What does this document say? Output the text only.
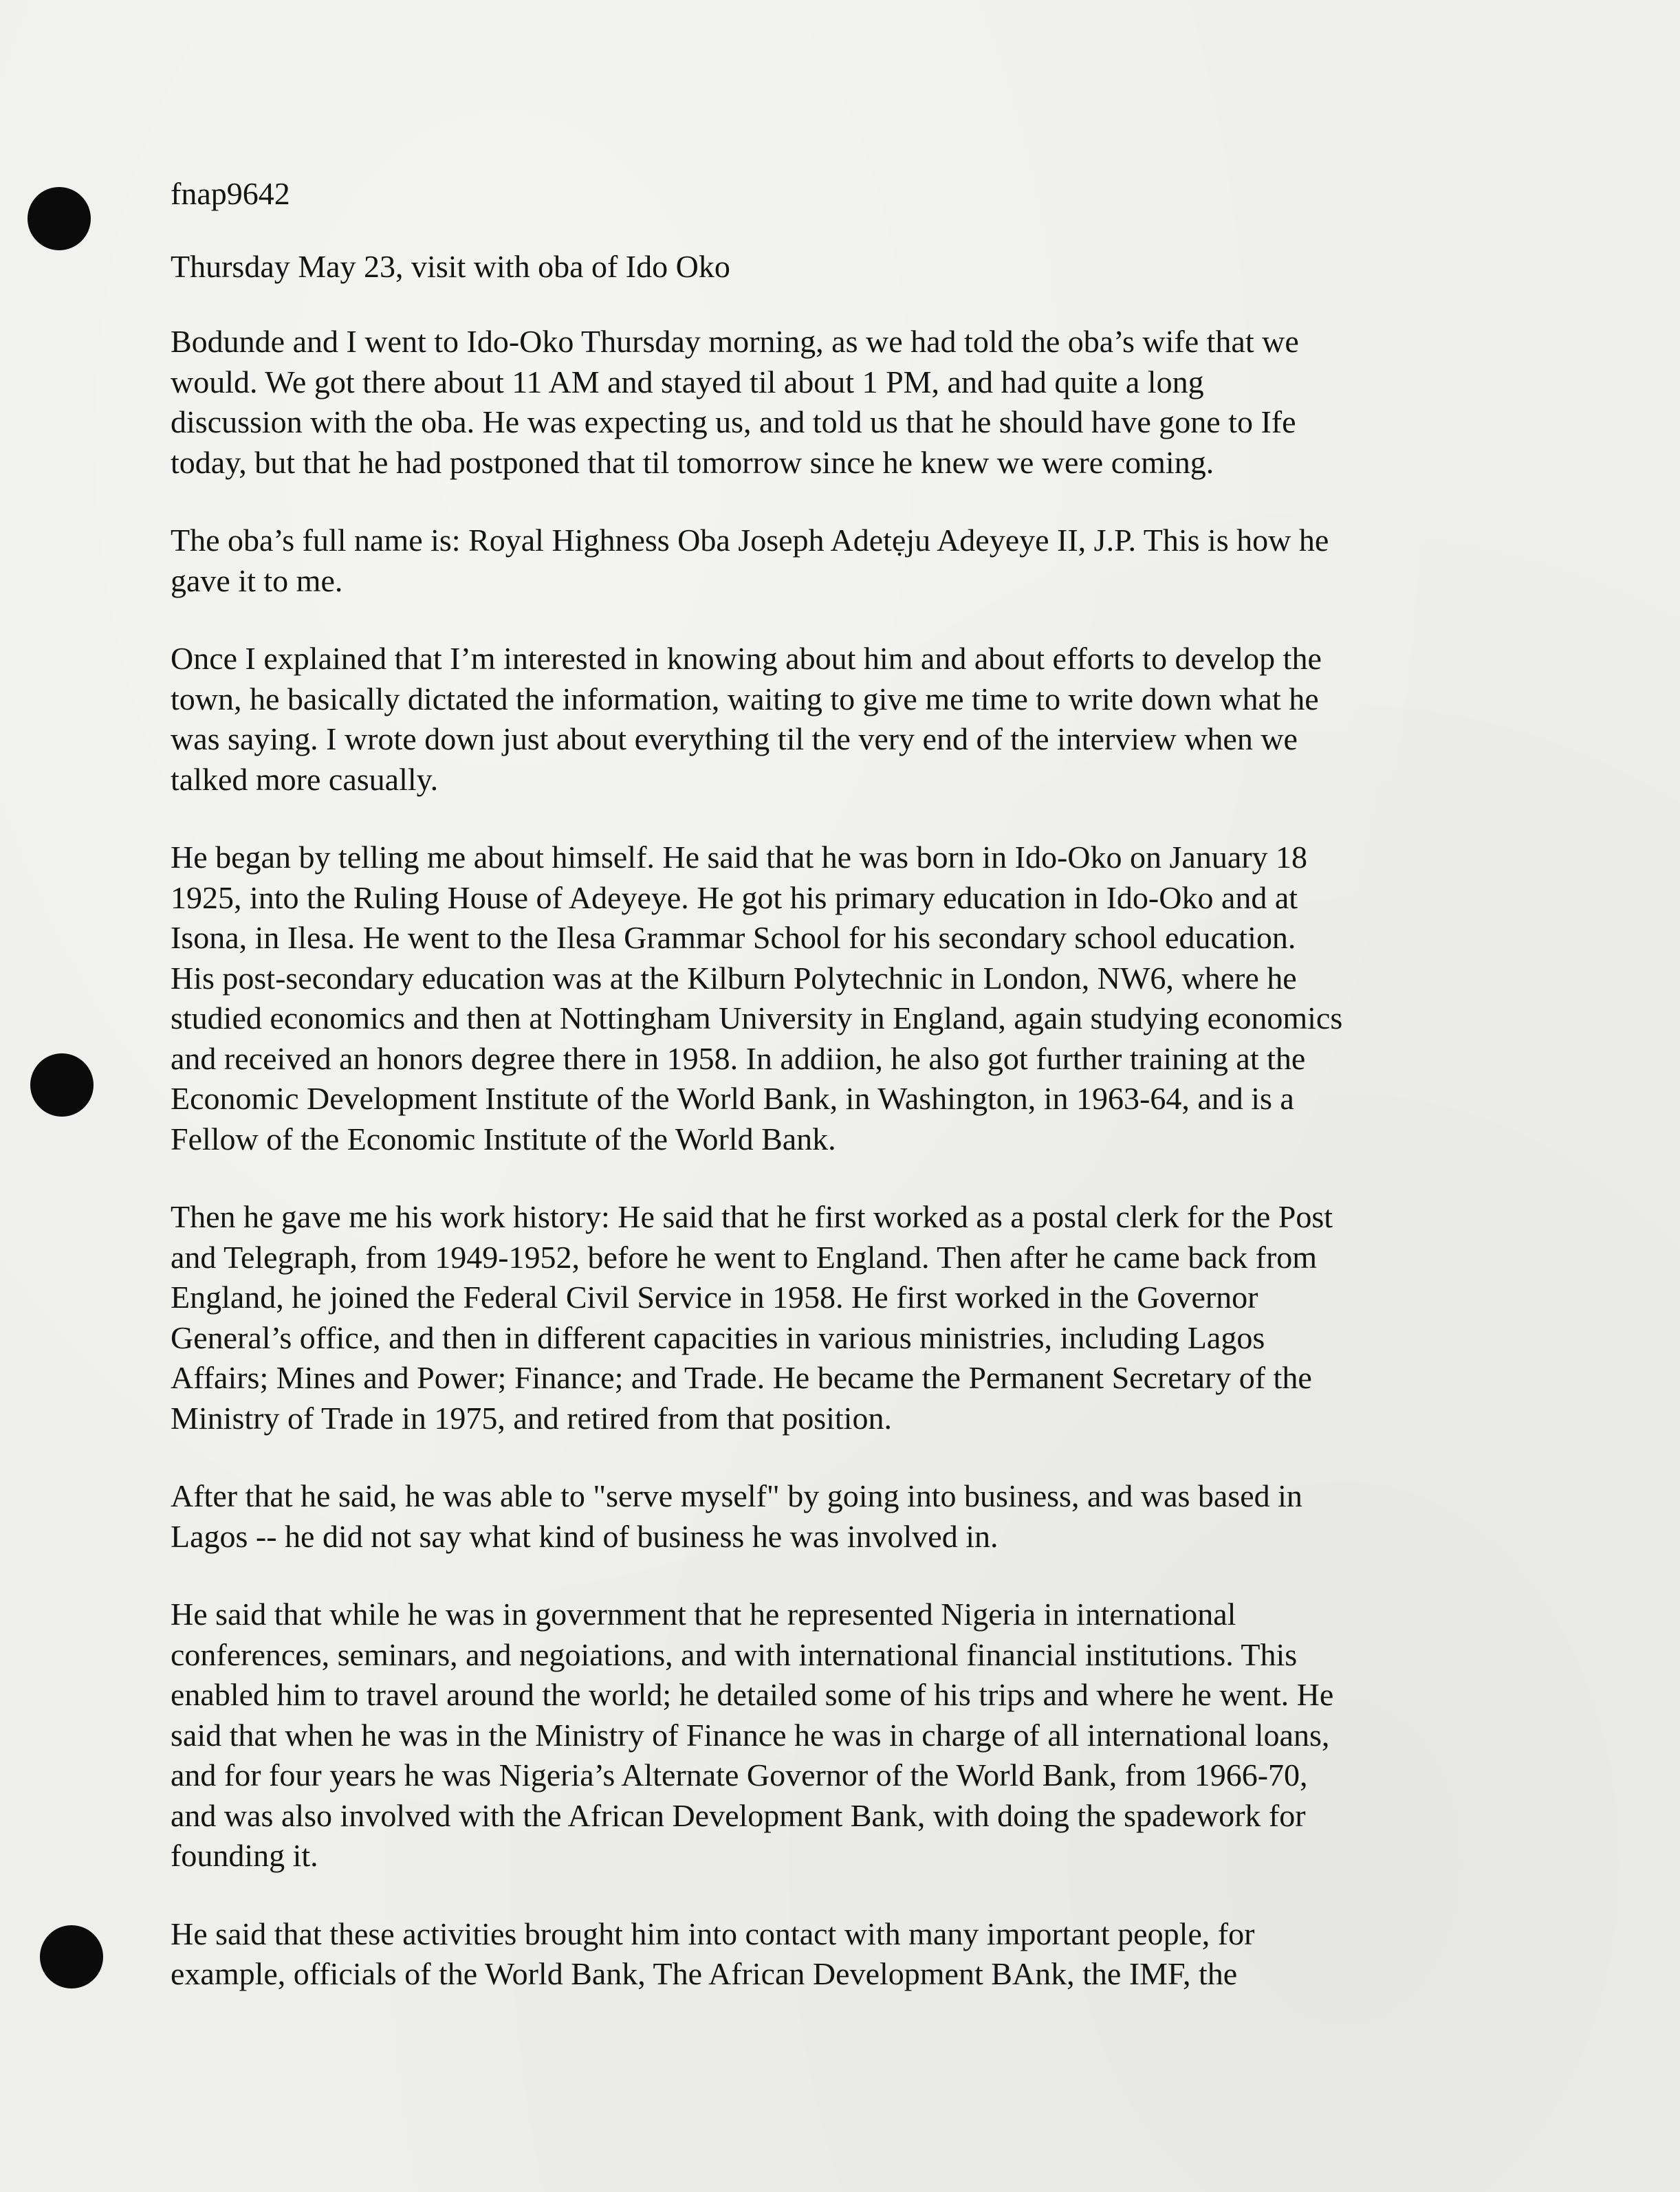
fnap9642
Thursday May 23, visit with oba of Ido Oko

Bodunde and I went to Ido-Oko Thursday morning, as we had told the oba’s wife that we
would. We got there about 11 AM and stayed til about 1 PM, and had quite a long
discussion with the oba. He was expecting us, and told us that he should have gone to Ife
today, but that he had postponed that til tomorrow since he knew we were coming.

The oba’s full name is: Royal Highness Oba Joseph Adetẹju Adeyeye II, J.P. This is how he
gave it to me.

Once I explained that I’m interested in knowing about him and about efforts to develop the
town, he basically dictated the information, waiting to give me time to write down what he
was saying. I wrote down just about everything til the very end of the interview when we
talked more casually.

He began by telling me about himself. He said that he was born in Ido-Oko on January 18
1925, into the Ruling House of Adeyeye. He got his primary education in Ido-Oko and at
Isona, in Ilesa. He went to the Ilesa Grammar School for his secondary school education.
His post-secondary education was at the Kilburn Polytechnic in London, NW6, where he
studied economics and then at Nottingham University in England, again studying economics
and received an honors degree there in 1958. In addiion, he also got further training at the
Economic Development Institute of the World Bank, in Washington, in 1963-64, and is a
Fellow of the Economic Institute of the World Bank.

Then he gave me his work history: He said that he first worked as a postal clerk for the Post
and Telegraph, from 1949-1952, before he went to England. Then after he came back from
England, he joined the Federal Civil Service in 1958. He first worked in the Governor
General’s office, and then in different capacities in various ministries, including Lagos
Affairs; Mines and Power; Finance; and Trade. He became the Permanent Secretary of the
Ministry of Trade in 1975, and retired from that position.

After that he said, he was able to "serve myself" by going into business, and was based in
Lagos -- he did not say what kind of business he was involved in.

He said that while he was in government that he represented Nigeria in international
conferences, seminars, and negoiations, and with international financial institutions. This
enabled him to travel around the world; he detailed some of his trips and where he went. He
said that when he was in the Ministry of Finance he was in charge of all international loans,
and for four years he was Nigeria’s Alternate Governor of the World Bank, from 1966-70,
and was also involved with the African Development Bank, with doing the spadework for
founding it.

He said that these activities brought him into contact with many important people, for
example, officials of the World Bank, The African Development BAnk, the IMF, the
